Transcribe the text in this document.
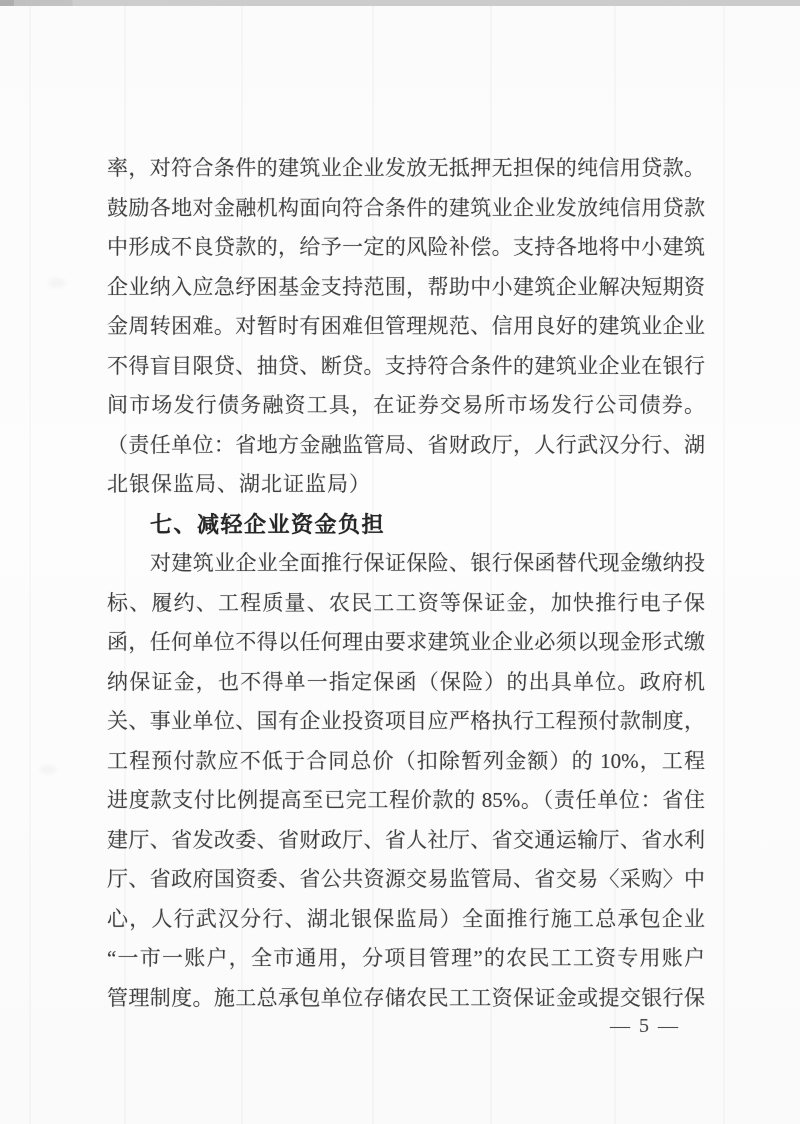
率，对符合条件的建筑业企业发放无抵押无担保的纯信用贷款。
鼓励各地对金融机构面向符合条件的建筑业企业发放纯信用贷款
中形成不良贷款的，给予一定的风险补偿。支持各地将中小建筑
企业纳入应急纾困基金支持范围，帮助中小建筑企业解决短期资
金周转困难。对暂时有困难但管理规范、信用良好的建筑业企业
不得盲目限贷、抽贷、断贷。支持符合条件的建筑业企业在银行
间市场发行债务融资工具，在证券交易所市场发行公司债券。
（责任单位：省地方金融监管局、省财政厅，人行武汉分行、湖
北银保监局、湖北证监局）
七、减轻企业资金负担
对建筑业企业全面推行保证保险、银行保函替代现金缴纳投
标、履约、工程质量、农民工工资等保证金，加快推行电子保
函，任何单位不得以任何理由要求建筑业企业必须以现金形式缴
纳保证金，也不得单一指定保函（保险）的出具单位。政府机
关、事业单位、国有企业投资项目应严格执行工程预付款制度，
工程预付款应不低于合同总价（扣除暂列金额）的 10%，工程
进度款支付比例提高至已完工程价款的 85%。（责任单位：省住
建厅、省发改委、省财政厅、省人社厅、省交通运输厅、省水利
厅、省政府国资委、省公共资源交易监管局、省交易〈采购〉中
心，人行武汉分行、湖北银保监局）全面推行施工总承包企业
“一市一账户，全市通用，分项目管理”的农民工工资专用账户
管理制度。施工总承包单位存储农民工工资保证金或提交银行保
— 5 —
